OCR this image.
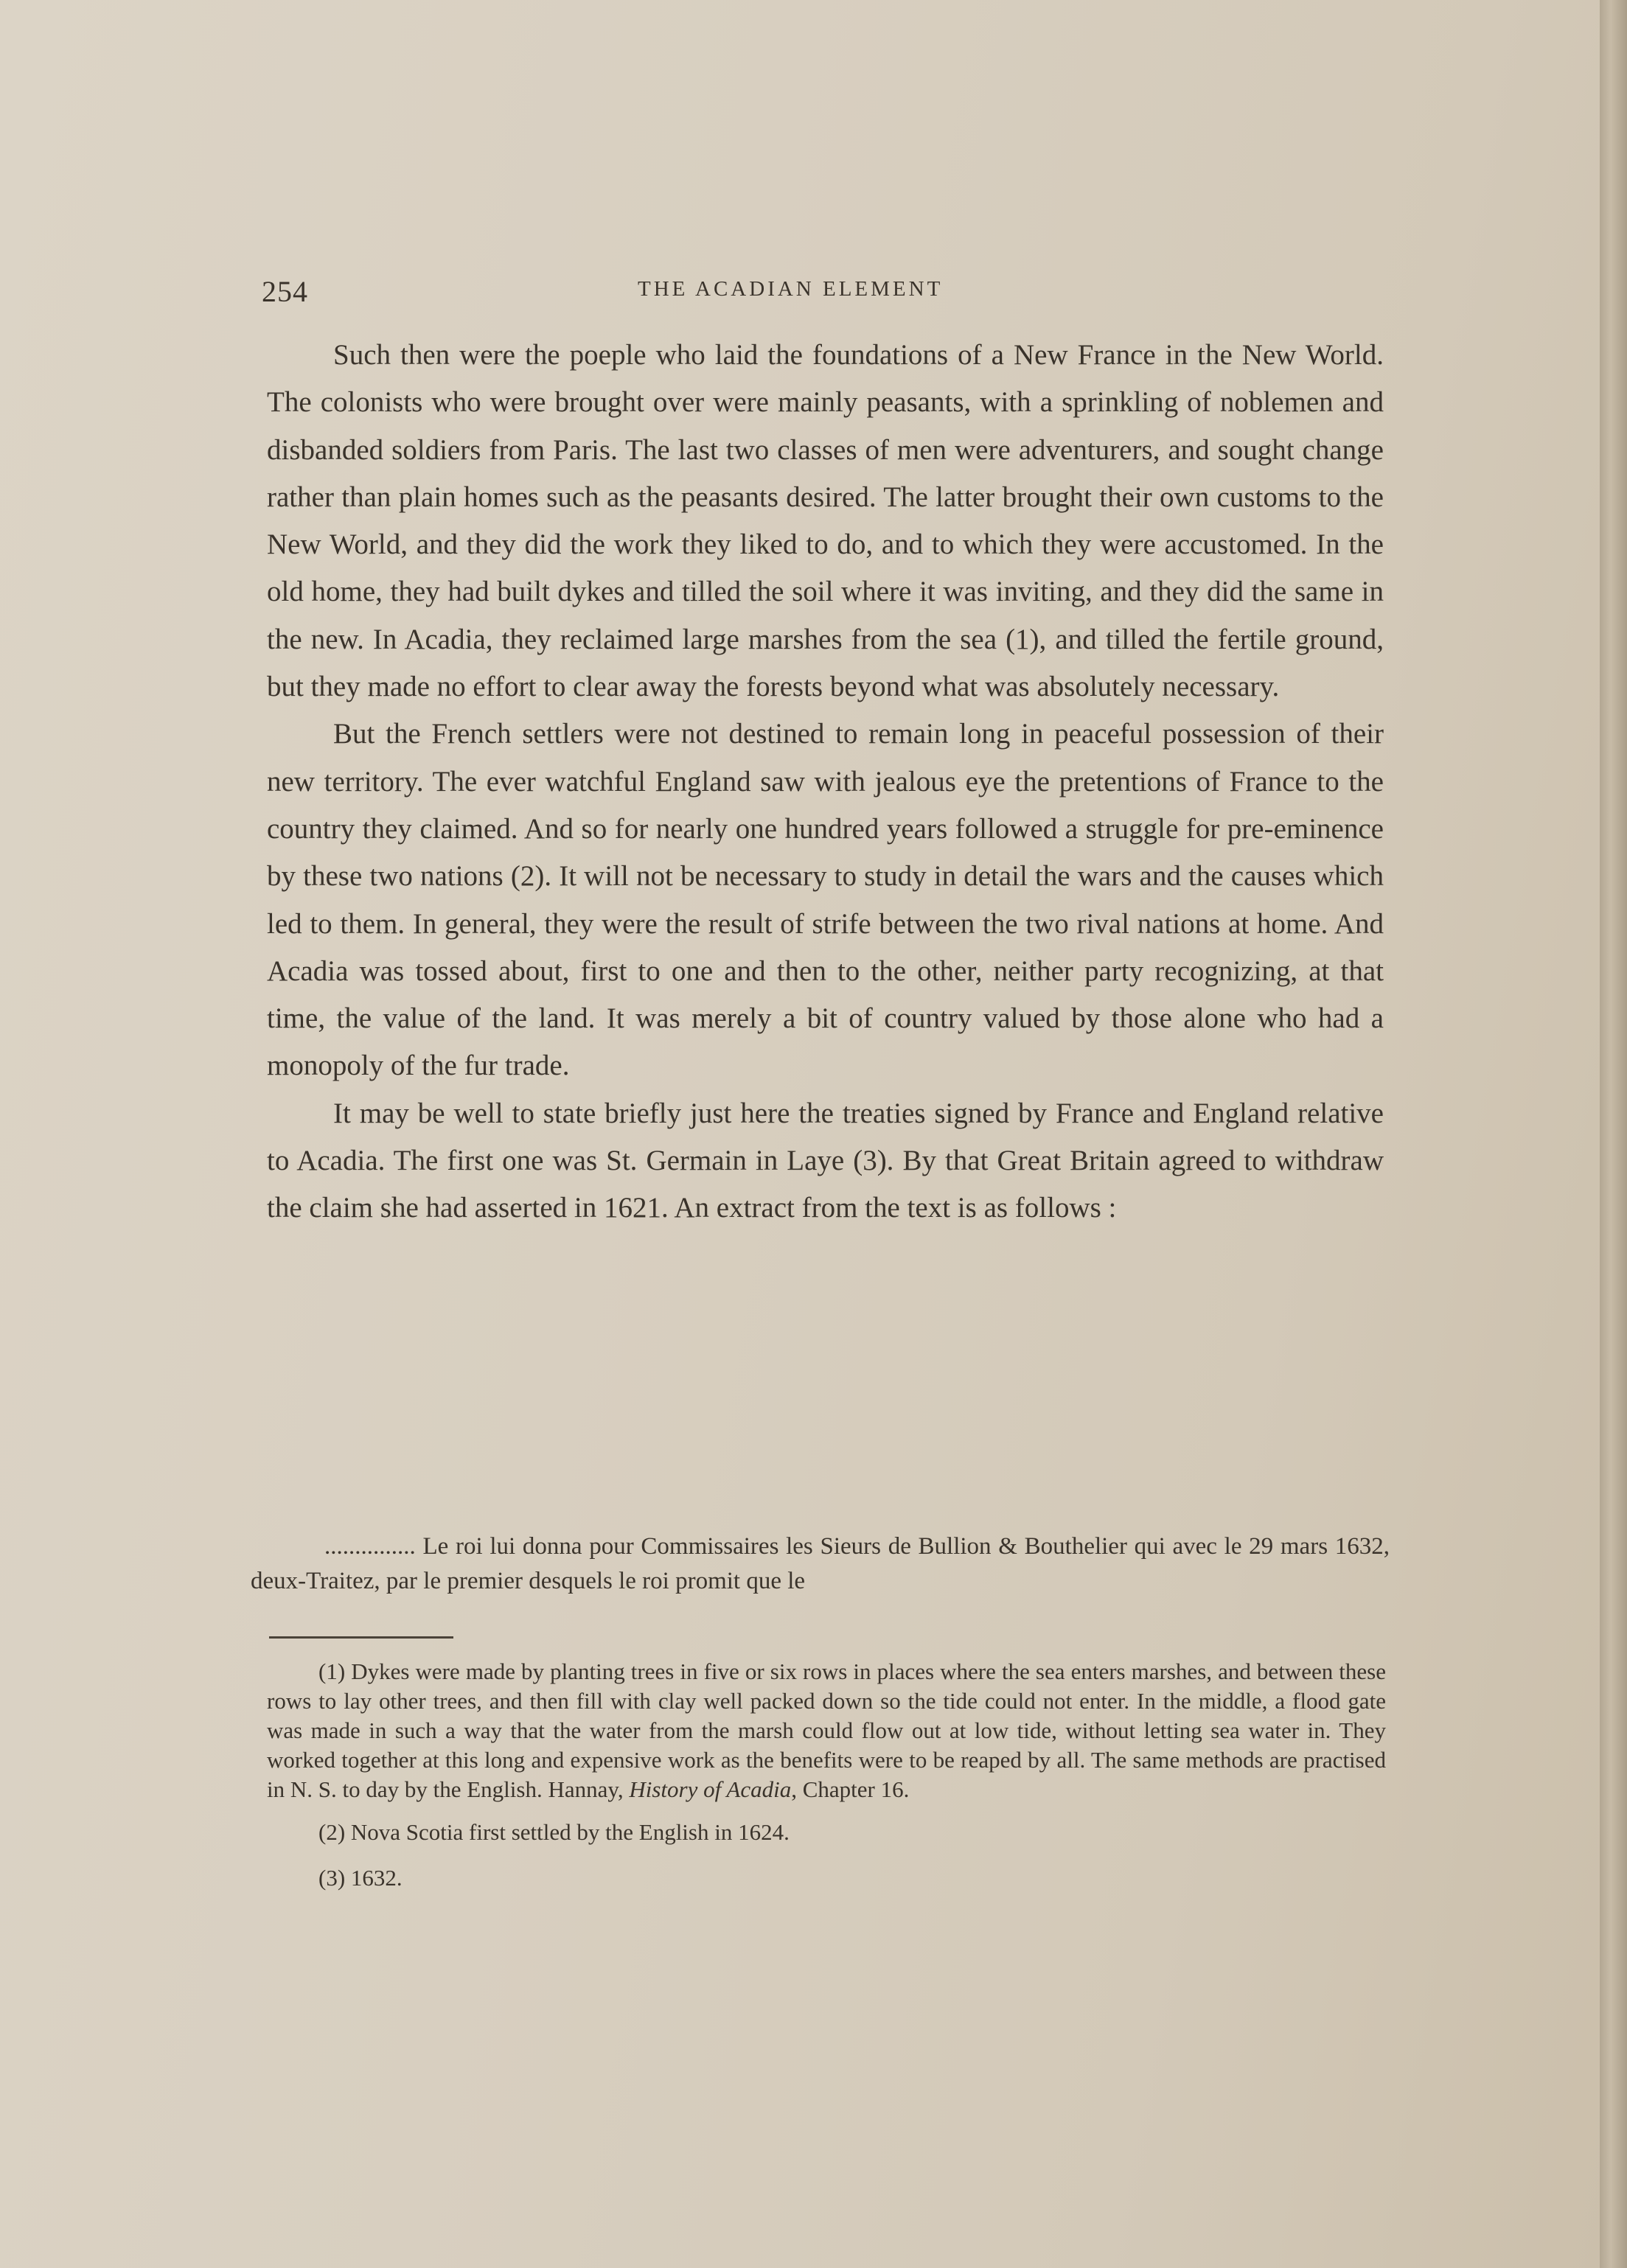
254	THE ACADIAN ELEMENT

Such then were the poeple who laid the foundations of a New France in the New World. The colonists who were brought over were mainly peasants, with a sprinkling of noblemen and disbanded soldiers from Paris. The last two classes of men were adventurers, and sought change rather than plain homes such as the peasants desired. The latter brought their own customs to the New World, and they did the work they liked to do, and to which they were accustomed. In the old home, they had built dykes and tilled the soil where it was inviting, and they did the same in the new. In Acadia, they reclaimed large marshes from the sea (1), and tilled the fertile ground, but they made no effort to clear away the forests beyond what was absolutely necessary.

But the French settlers were not destined to remain long in peaceful possession of their new territory. The ever watchful England saw with jealous eye the pretentions of France to the country they claimed. And so for nearly one hundred years followed a struggle for pre-eminence by these two nations (2). It will not be necessary to study in detail the wars and the causes which led to them. In general, they were the result of strife between the two rival nations at home. And Acadia was tossed about, first to one and then to the other, neither party recognizing, at that time, the value of the land. It was merely a bit of country valued by those alone who had a monopoly of the fur trade.

It may be well to state briefly just here the treaties signed by France and England relative to Acadia. The first one was St. Germain in Laye (3). By that Great Britain agreed to withdraw the claim she had asserted in 1621. An extract from the text is as follows :

............... Le roi lui donna pour Commissaires les Sieurs de Bullion & Bouthelier qui avec le 29 mars 1632, deux-Traitez, par le premier desquels le roi promit que le

(1) Dykes were made by planting trees in five or six rows in places where the sea enters marshes, and between these rows to lay other trees, and then fill with clay well packed down so the tide could not enter. In the middle, a flood gate was made in such a way that the water from the marsh could flow out at low tide, without letting sea water in. They worked together at this long and expensive work as the benefits were to be reaped by all. The same methods are practised in N. S. to day by the English. Hannay, History of Acadia, Chapter 16.

(2) Nova Scotia first settled by the English in 1624.

(3) 1632.
